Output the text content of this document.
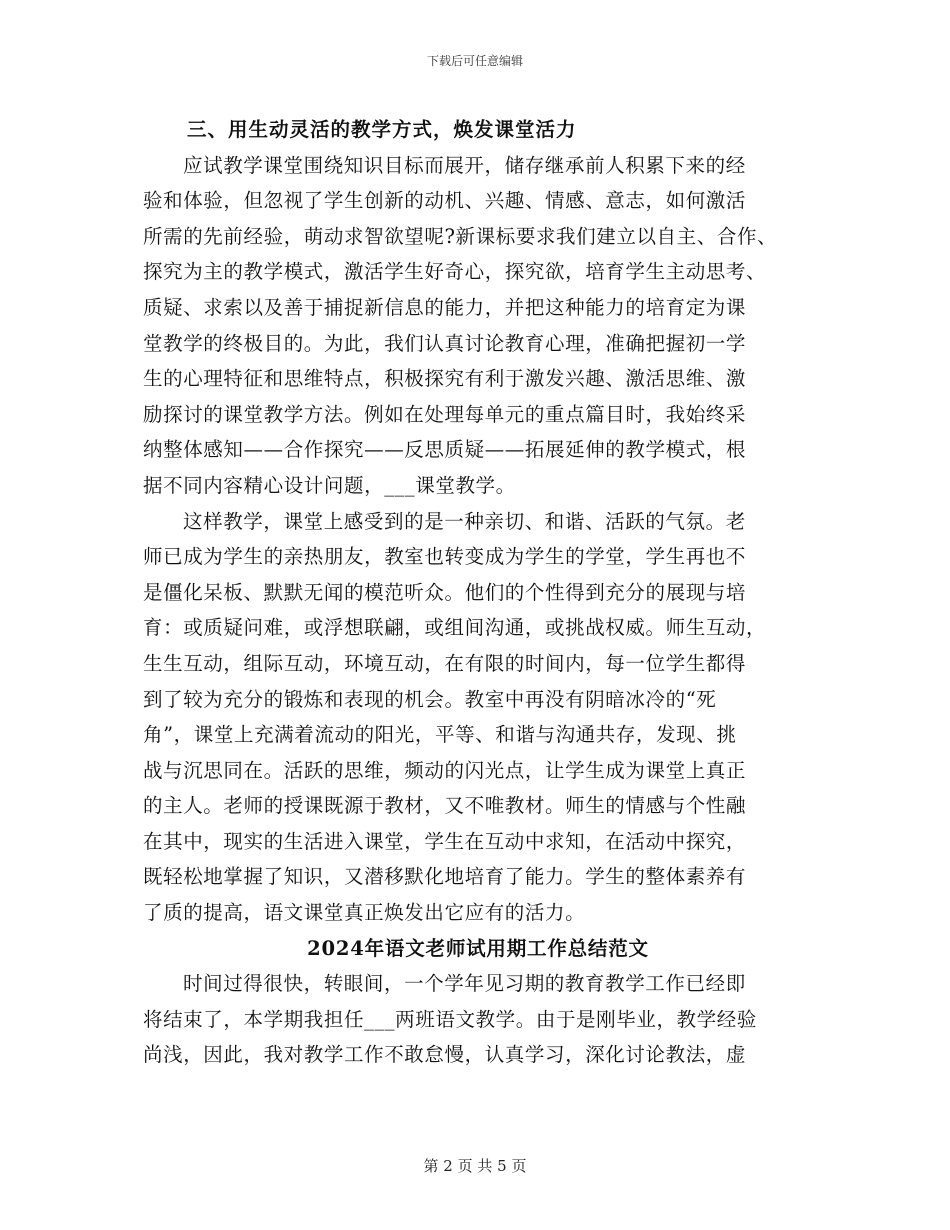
下载后可任意编辑
三、用生动灵活的教学方式，焕发课堂活力
应试教学课堂围绕知识目标而展开，储存继承前人积累下来的经
验和体验，但忽视了学生创新的动机、兴趣、情感、意志，如何激活
所需的先前经验，萌动求智欲望呢?新课标要求我们建立以自主、合作、
探究为主的教学模式，激活学生好奇心，探究欲，培育学生主动思考、
质疑、求索以及善于捕捉新信息的能力，并把这种能力的培育定为课
堂教学的终极目的。为此，我们认真讨论教育心理，准确把握初一学
生的心理特征和思维特点，积极探究有利于激发兴趣、激活思维、激
励探讨的课堂教学方法。例如在处理每单元的重点篇目时，我始终采
纳整体感知——合作探究——反思质疑——拓展延伸的教学模式，根
据不同内容精心设计问题，___课堂教学。
这样教学，课堂上感受到的是一种亲切、和谐、活跃的气氛。老
师已成为学生的亲热朋友，教室也转变成为学生的学堂，学生再也不
是僵化呆板、默默无闻的模范听众。他们的个性得到充分的展现与培
育：或质疑问难，或浮想联翩，或组间沟通，或挑战权威。师生互动，
生生互动，组际互动，环境互动，在有限的时间内，每一位学生都得
到了较为充分的锻炼和表现的机会。教室中再没有阴暗冰冷的“死
角”，课堂上充满着流动的阳光，平等、和谐与沟通共存，发现、挑
战与沉思同在。活跃的思维，频动的闪光点，让学生成为课堂上真正
的主人。老师的授课既源于教材，又不唯教材。师生的情感与个性融
在其中，现实的生活进入课堂，学生在互动中求知，在活动中探究，
既轻松地掌握了知识，又潜移默化地培育了能力。学生的整体素养有
了质的提高，语文课堂真正焕发出它应有的活力。
2024年语文老师试用期工作总结范文
时间过得很快，转眼间，一个学年见习期的教育教学工作已经即
将结束了，本学期我担任___两班语文教学。由于是刚毕业，教学经验
尚浅，因此，我对教学工作不敢怠慢，认真学习，深化讨论教法，虚
第 2 页 共 5 页
